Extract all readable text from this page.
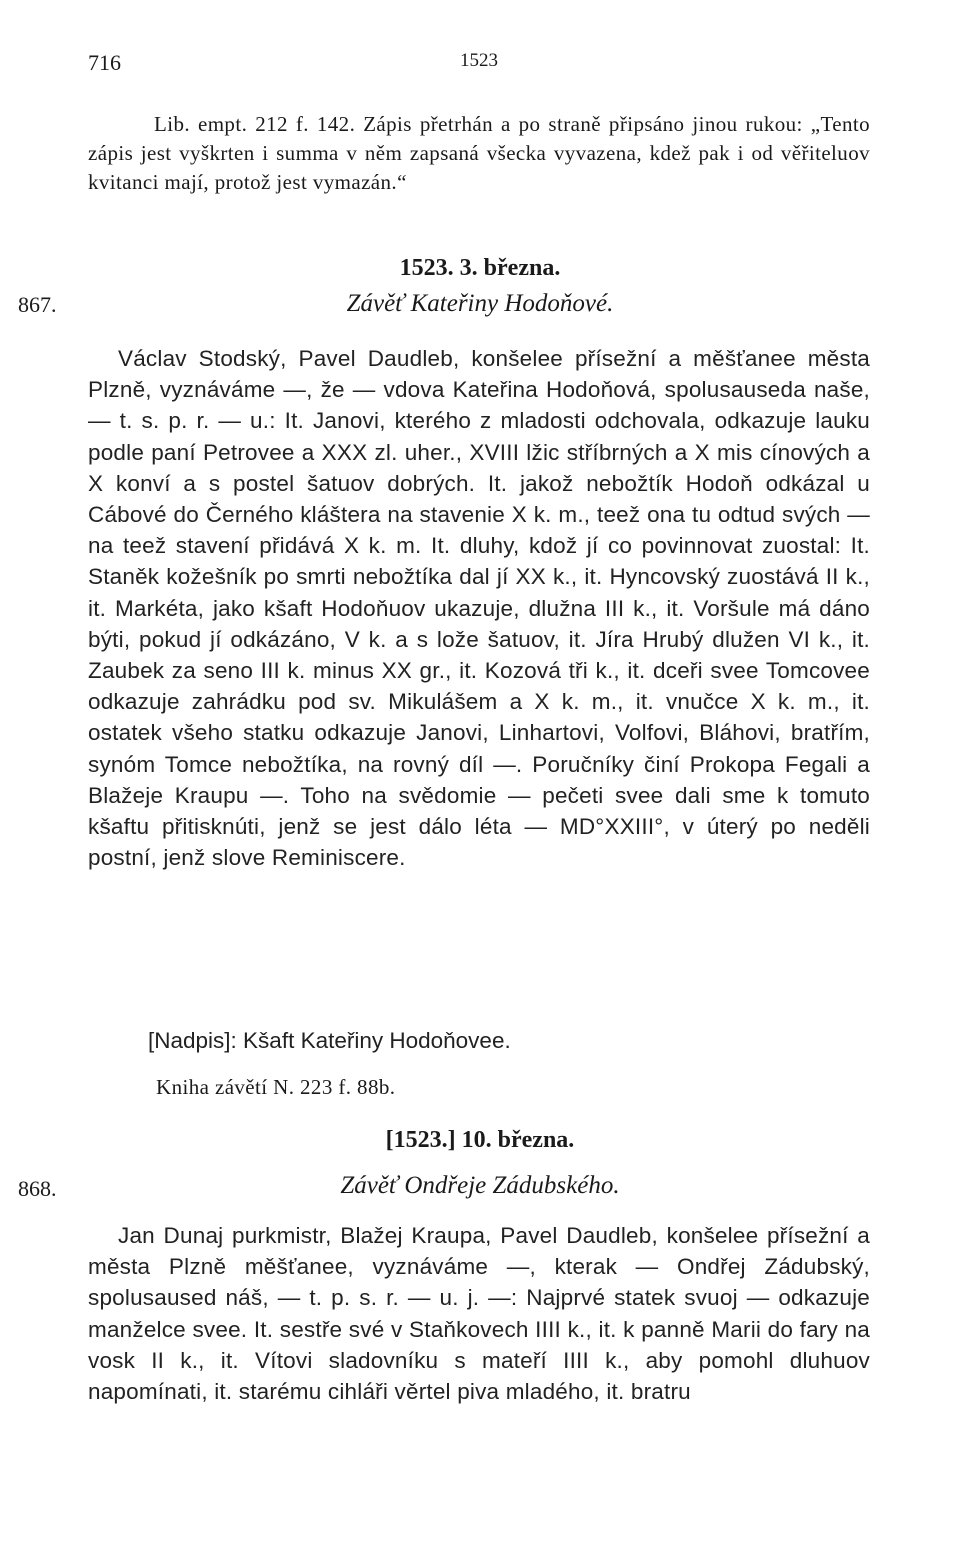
716	1523

Lib. empt. 212 f. 142. Zápis přetrhán a po straně připsáno jinou rukou: „Tento zápis jest vyškrten i summa v něm zapsaná všecka vyvazena, kdež pak i od věřiteluov kvitanci mají, protož jest vymazán.“

1523. 3. března.
867.	Závěť Kateřiny Hodoňové.

Václav Stodský, Pavel Daudleb, konšelee přísežní a měšťanee města Plzně, vyznáváme —, že — vdova Kateřina Hodoňová, spolusauseda naše, — t. s. p. r. — u.: It. Janovi, kterého z mladosti odchovala, odkazuje lauku podle paní Petrovee a XXX zl. uher., XVIII lžic stříbrných a X mis cínových a X konví a s postel šatuov dobrých. It. jakož nebožtík Hodoň odkázal u Cábové do Černého kláštera na stavenie X k. m., teež ona tu odtud svých — na teež stavení přidává X k. m. It. dluhy, kdož jí co povinnovat zuostal: It. Staněk kožešník po smrti nebožtíka dal jí XX k., it. Hyncovský zuostává II k., it. Markéta, jako kšaft Hodoňuov ukazuje, dlužna III k., it. Voršule má dáno býti, pokud jí odkázáno, V k. a s lože šatuov, it. Jíra Hrubý dlužen VI k., it. Zaubek za seno III k. minus XX gr., it. Kozová tři k., it. dceři svee Tomcovee odkazuje zahrádku pod sv. Mikulášem a X k. m., it. vnučce X k. m., it. ostatek všeho statku odkazuje Janovi, Linhartovi, Volfovi, Bláhovi, bratřím, synóm Tomce nebožtíka, na rovný díl —. Poručníky činí Prokopa Fegali a Blažeje Kraupu —. Toho na svědomie — pečeti svee dali sme k tomuto kšaftu přitisknúti, jenž se jest dálo léta — MD°XXIII°, v úterý po neděli postní, jenž slove Reminiscere.

[Nadpis]: Kšaft Kateřiny Hodoňovee.
Kniha závětí N. 223 f. 88b.
[1523.] 10. března.
868.	Závěť Ondřeje Zádubského.

Jan Dunaj purkmistr, Blažej Kraupa, Pavel Daudleb, konšelee přísežní a města Plzně měšťanee, vyznáváme —, kterak — Ondřej Zádubský, spolusaused náš, — t. p. s. r. — u. j. —: Najprvé statek svuoj — odkazuje manželce svee. It. sestře své v Staňkovech IIII k., it. k panně Marii do fary na vosk II k., it. Vítovi sladovníku s mateří IIII k., aby pomohl dluhuov napomínati, it. starému cihláři věrtel piva mladého, it. bratru
